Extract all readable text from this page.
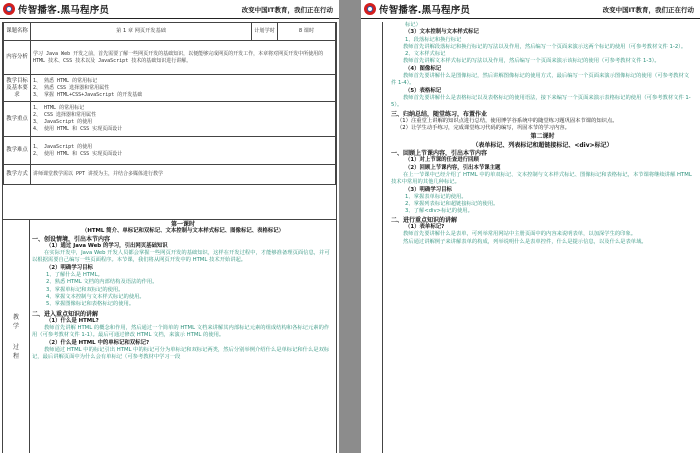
传智播客.黑马程序员	改变中国IT教育，我们正在行动
课题名称	第 1 章 网页开发基础	计划学时	8 课时
内容分析	学习 Java Web 开发之前，首先需要了解一些网页开发的基础知识，以便能够完成网页的开发工作，本章将对网页开发中所使用的 HTML 技术、CSS 技术以及 JavaScript 技术的基础知识进行讲解。		
教学目标及基本要求	1、 熟悉 HTML 的常用标记
2、 熟悉 CSS 选择器和常用属性
3、 掌握 HTML+CSS+JavaScript 的开发基础		

教学重点	1、 HTML 的常用标记
2、 CSS 选择器和常用属性
3、 JavaScript 的使用
4、 使用 HTML 和 CSS 实现页面设计		

教学难点	1、 JavaScript 的使用
2、 使用 HTML 和 CSS 实现页面设计		

教学方式	讲师课堂教学需以 PPT 讲授为主，并结合多媒体进行教学		
教
学
过
程
第一课时
（HTML 简介、单标记和双标记、文本控制与文本样式标记、图像标记、表格标记）
一、创设情境，引出本节内容
（1）通过 Java Web 的学习，引出网页基础知识
在实际开发中，Java Web 开发人员都会掌握一些网页开发的基础知识，这样在开发过程中，才能够准备理页面信息，并可以根据需要自己编写一些页面程序。本节课，我们将从网页开发中的 HTML 技术开始讲起。
（2）明确学习目标
1、了解什么是 HTML。
2、熟悉 HTML 文档的内部结构及语法的作用。
3、掌握单标记和双标记的使用。
4、掌握文本控制与文本样式标记的使用。
5、掌握图像标记和表格标记的使用。
二、进入重点知识的讲解
（1）什么是 HTML?
教师首先讲解 HTML 的概念和作用，然后通过一个简单的 HTML 文档来讲解其内部标记元素的组成结构和各标记元素的作用（可参考教材文件 1-1）。最后可通过修改 HTML 文档，来演示 HTML 的使用。
（2）什么是 HTML 中的单标记和双标记?
教师通过 HTML 中的标记引出 HTML 中的标记可分为单标记和双标记两类，然后分别举例介绍什么是单标记和什么是双标记，最后讲解页面中为什么会有单标记（可参考教材中学习一段
传智播客.黑马程序员	改变中国IT教育，我们正在行动
标记）
（3）文本控制与文本样式标记
1、段落标记和换行标记
教师首先讲解段落标记和换行标记的写法以及作用，然后编写一个页面来演示这两个标记的使用（可参考教材文件 1-2）。
2、文本样式标记
教师首先讲解文本样式标记的写法以及作用，然后编写一个页面来演示该标记的使用（可参考教材文件 1-3）。
（4）图像标记
教师首先要讲解什么是图像标记，然后讲解图像标记的使用方式，最后编写一个页面来演示图像标记的使用（可参考教材文件 1-4）。
（5）表格标记
教师首先要讲解什么是表格标记以及表格标记的使用语法，接下来编写一个页面来演示表格标记的使用（可参考教材文件 1-5）。
三、归纳总结，随堂练习，布置作业
（1）注重堂上讲解的知识点进行总结，使用博学谷系统中的随堂练习题巩固本节课的知识点。
（2）让学生动手练习，完成课堂练习代码的编写，巩固本节的学习内容。
第二课时
（表单标记、列表标记和超链接标记、<div>标记）
一、回顾上节课内容，引出本节内容
（1）对上节课的任查进行回顾
（2）回顾上节课内容，引出本节课主题
在上一节课中已经介绍了 HTML 中的单双标记、文本控制与文本样式标记、图像标记和表格标记，本节课将继续讲解 HTML 技术中常用的其他几种标记。
（3）明确学习目标
1、掌握表单标记的使用。
2、掌握列表标记和超链接标记的使用。
3、了解<div>标记的使用。
二、进行重点知识的讲解
（1）表单标记?
教师首先要讲解什么是表单，可列举常用网站中主册页面中的内容来说明表单，以加深学生的印象。
然后通过讲解例子来讲解表单的构成，列举说明什么是表单控件，什么是提示信息，以及什么是表单域。
